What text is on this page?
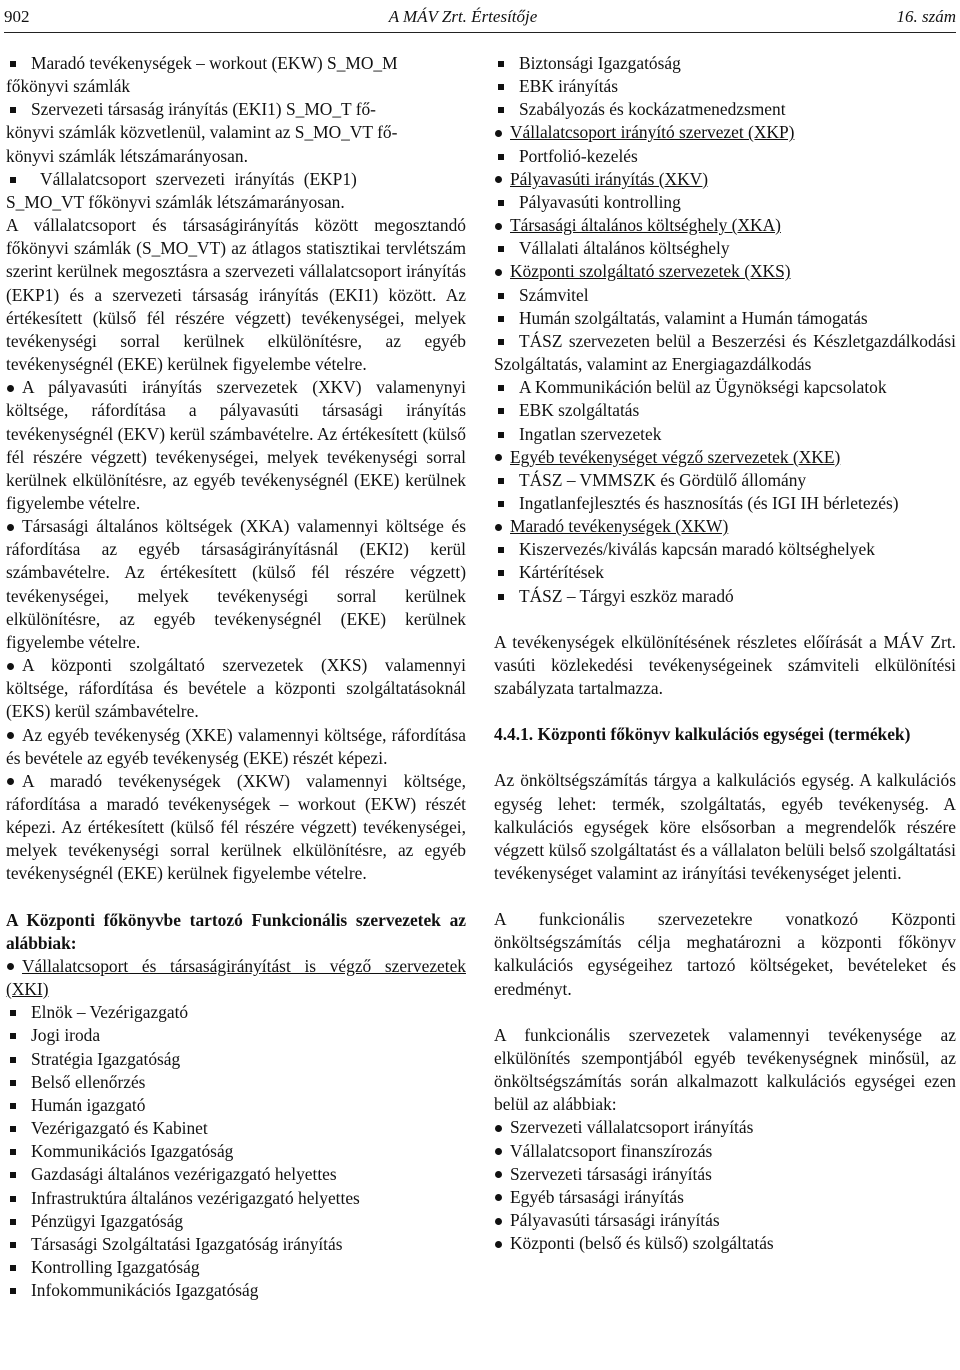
902	A MÁV Zrt. Értesítője	16. szám
Maradó tevékenységek – workout (EKW) S_MO_M
főkönyvi számlák
Szervezeti társaság irányítás (EKI1) S_MO_T fő-
könyvi számlák közvetlenül, valamint az S_MO_VT fő-
könyvi számlák létszámarányosan.
Vállalatcsoport szervezeti irányítás (EKP1)
S_MO_VT főkönyvi számlák létszámarányosan.

A vállalatcsoport és társaságirányítás között megosztandó főkönyvi számlák (S_MO_VT) az átlagos statisztikai tervlétszám szerint kerülnek megosztásra a szervezeti vállalatcsoport irányítás (EKP1) és a szervezeti társaság irányítás (EKI1) között. Az értékesített (külső fél részére végzett) tevékenységei, melyek tevékenységi sorral kerülnek elkülönítésre, az egyéb tevékenységnél (EKE) kerülnek figyelembe vételre.

A pályavasúti irányítás szervezetek (XKV) valamenynyi költsége, ráfordítása a pályavasúti társasági irányítás tevékenységnél (EKV) kerül számbavételre. Az értékesített (külső fél részére végzett) tevékenységei, melyek tevékenységi sorral kerülnek elkülönítésre, az egyéb tevékenységnél (EKE) kerülnek figyelembe vételre.

Társasági általános költségek (XKA) valamennyi költsége és ráfordítása az egyéb társaságirányításnál (EKI2) kerül számbavételre. Az értékesített (külső fél részére végzett) tevékenységei, melyek tevékenységi sorral kerülnek elkülönítésre, az egyéb tevékenységnél (EKE) kerülnek figyelembe vételre.

A központi szolgáltató szervezetek (XKS) valamennyi költsége, ráfordítása és bevétele a központi szolgáltatásoknál (EKS) kerül számbavételre.

Az egyéb tevékenység (XKE) valamennyi költsége, ráfordítása és bevétele az egyéb tevékenység (EKE) részét képezi.

A maradó tevékenységek (XKW) valamennyi költsége, ráfordítása a maradó tevékenységek – workout (EKW) részét képezi. Az értékesített (külső fél részére végzett) tevékenységei, melyek tevékenységi sorral kerülnek elkülönítésre, az egyéb tevékenységnél (EKE) kerülnek figyelembe vételre.

A Központi főkönyvbe tartozó Funkcionális szervezetek az alábbiak:

Vállalatcsoport és társaságirányítást is végző szervezetek (XKI)

Elnök – Vezérigazgató
Jogi iroda
Stratégia Igazgatóság
Belső ellenőrzés
Humán igazgató
Vezérigazgató és Kabinet
Kommunikációs Igazgatóság
Gazdasági általános vezérigazgató helyettes
Infrastruktúra általános vezérigazgató helyettes
Pénzügyi Igazgatóság
Társasági Szolgáltatási Igazgatóság irányítás
Kontrolling Igazgatóság
Infokommunikációs Igazgatóság
Biztonsági Igazgatóság
EBK irányítás
Szabályozás és kockázatmenedzsment
Vállalatcsoport irányító szervezet (XKP)
Portfolió-kezelés
Pályavasúti irányítás (XKV)
Pályavasúti kontrolling
Társasági általános költséghely (XKA)
Vállalati általános költséghely
Központi szolgáltató szervezetek (XKS)
Számvitel
Humán szolgáltatás, valamint a Humán támogatás
TÁSZ szervezeten belül a Beszerzési és Készletgazdálkodási Szolgáltatás, valamint az Energiagazdálkodás
A Kommunikáción belül az Ügynökségi kapcsolatok
EBK szolgáltatás
Ingatlan szervezetek
Egyéb tevékenységet végző szervezetek (XKE)
TÁSZ – VMMSZK és Gördülő állomány
Ingatlanfejlesztés és hasznosítás (és IGI IH bérletezés)
Maradó tevékenységek (XKW)
Kiszervezés/kiválás kapcsán maradó költséghelyek
Kártérítések
TÁSZ – Tárgyi eszköz maradó

A tevékenységek elkülönítésének részletes előírását a MÁV Zrt. vasúti közlekedési tevékenységeinek számviteli elkülönítési szabályzata tartalmazza.

4.4.1. Központi főkönyv kalkulációs egységei (termékek)

Az önköltségszámítás tárgya a kalkulációs egység. A kalkulációs egység lehet: termék, szolgáltatás, egyéb tevékenység. A kalkulációs egységek köre elsősorban a megrendelők részére végzett külső szolgáltatást és a vállalaton belüli belső szolgáltatási tevékenységet valamint az irányítási tevékenységet jelenti.

A funkcionális szervezetekre vonatkozó Központi önköltségszámítás célja meghatározni a központi főkönyv kalkulációs egységeihez tartozó költségeket, bevételeket és eredményt.

A funkcionális szervezetek valamennyi tevékenysége az elkülönítés szempontjából egyéb tevékenységnek minősül, az önköltségszámítás során alkalmazott kalkulációs egységei ezen belül az alábbiak:

Szervezeti vállalatcsoport irányítás
Vállalatcsoport finanszírozás
Szervezeti társasági irányítás
Egyéb társasági irányítás
Pályavasúti társasági irányítás
Központi (belső és külső) szolgáltatás
